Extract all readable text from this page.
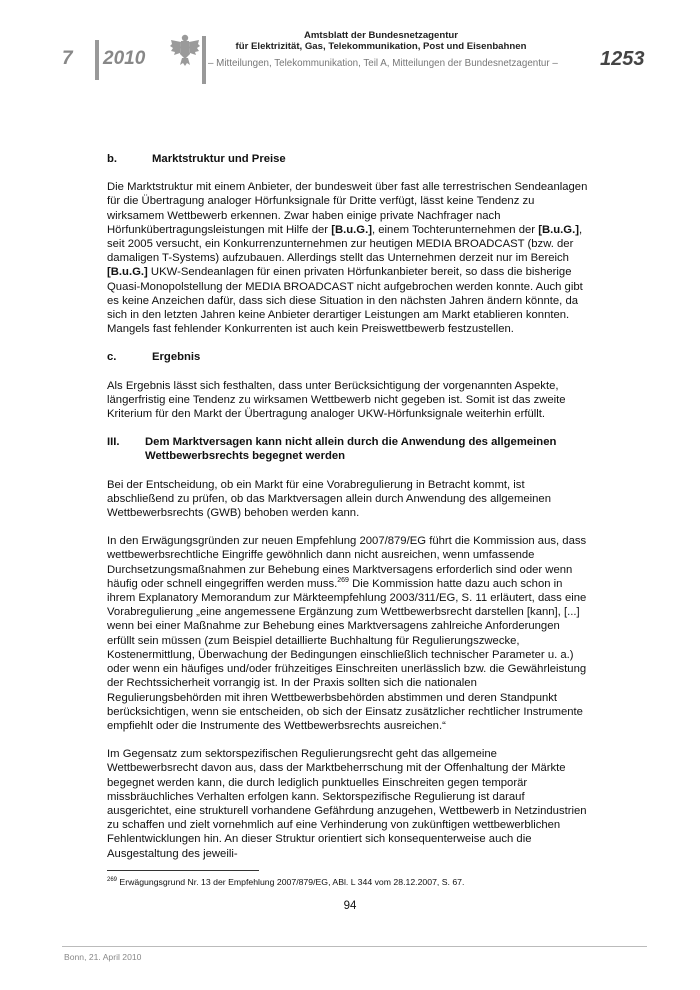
7 2010
Amtsblatt der Bundesnetzagentur
für Elektrizität, Gas, Telekommunikation, Post und Eisenbahnen
– Mitteilungen, Telekommunikation, Teil A, Mitteilungen der Bundesnetzagentur – 1253
b.	Marktstruktur und Preise

Die Marktstruktur mit einem Anbieter, der bundesweit über fast alle terrestrischen Sendeanlagen für die Übertragung analoger Hörfunksignale für Dritte verfügt, lässt keine Tendenz zu wirksamem Wettbewerb erkennen. Zwar haben einige private Nachfrager nach Hörfunkübertragungsleistungen mit Hilfe der [B.u.G.], einem Tochterunternehmen der [B.u.G.], seit 2005 versucht, ein Konkurrenzunternehmen zur heutigen MEDIA BROADCAST (bzw. der damaligen T-Systems) aufzubauen. Allerdings stellt das Unternehmen derzeit nur im Bereich [B.u.G.] UKW-Sendeanlagen für einen privaten Hörfunkanbieter bereit, so dass die bisherige Quasi-Monopolstellung der MEDIA BROADCAST nicht aufgebrochen werden konnte. Auch gibt es keine Anzeichen dafür, dass sich diese Situation in den nächsten Jahren ändern könnte, da sich in den letzten Jahren keine Anbieter derartiger Leistungen am Markt etablieren konnten. Mangels fast fehlender Konkurrenten ist auch kein Preiswettbewerb festzustellen.

c.	Ergebnis

Als Ergebnis lässt sich festhalten, dass unter Berücksichtigung der vorgenannten Aspekte, längerfristig eine Tendenz zu wirksamen Wettbewerb nicht gegeben ist. Somit ist das zweite Kriterium für den Markt der Übertragung analoger UKW-Hörfunksignale weiterhin erfüllt.

III.	Dem Marktversagen kann nicht allein durch die Anwendung des allgemeinen Wettbewerbsrechts begegnet werden

Bei der Entscheidung, ob ein Markt für eine Vorabregulierung in Betracht kommt, ist abschließend zu prüfen, ob das Marktversagen allein durch Anwendung des allgemeinen Wettbewerbsrechts (GWB) behoben werden kann.

In den Erwägungsgründen zur neuen Empfehlung 2007/879/EG führt die Kommission aus, dass wettbewerbsrechtliche Eingriffe gewöhnlich dann nicht ausreichen, wenn umfassende Durchsetzungsmaßnahmen zur Behebung eines Marktversagens erforderlich sind oder wenn häufig oder schnell eingegriffen werden muss.$^{269}$ Die Kommission hatte dazu auch schon in ihrem Explanatory Memorandum zur Märkteempfehlung 2003/311/EG, S. 11 erläutert, dass eine Vorabregulierung „eine angemessene Ergänzung zum Wettbewerbsrecht darstellen [kann], [...] wenn bei einer Maßnahme zur Behebung eines Marktversagens zahlreiche Anforderungen erfüllt sein müssen (zum Beispiel detaillierte Buchhaltung für Regulierungszwecke, Kostenermittlung, Überwachung der Bedingungen einschließlich technischer Parameter u. a.) oder wenn ein häufiges und/oder frühzeitiges Einschreiten unerlässlich bzw. die Gewährleistung der Rechtssicherheit vorrangig ist. In der Praxis sollten sich die nationalen Regulierungsbehörden mit ihren Wettbewerbsbehörden abstimmen und deren Standpunkt berücksichtigen, wenn sie entscheiden, ob sich der Einsatz zusätzlicher rechtlicher Instrumente empfiehlt oder die Instrumente des Wettbewerbsrechts ausreichen.“

Im Gegensatz zum sektorspezifischen Regulierungsrecht geht das allgemeine Wettbewerbsrecht davon aus, dass der Marktbeherrschung mit der Offenhaltung der Märkte begegnet werden kann, die durch lediglich punktuelles Einschreiten gegen temporär missbräuchliches Verhalten erfolgen kann. Sektorspezifische Regulierung ist darauf ausgerichtet, eine strukturell vorhandene Gefährdung anzugehen, Wettbewerb in Netzindustrien zu schaffen und zielt vornehmlich auf eine Verhinderung von zukünftigen wettbewerblichen Fehlentwicklungen hin. An dieser Struktur orientiert sich konsequenterweise auch die Ausgestaltung des jeweili-

$^{269}$ Erwägungsgrund Nr. 13 der Empfehlung 2007/879/EG, ABl. L 344 vom 28.12.2007, S. 67.
94
Bonn, 21. April 2010
